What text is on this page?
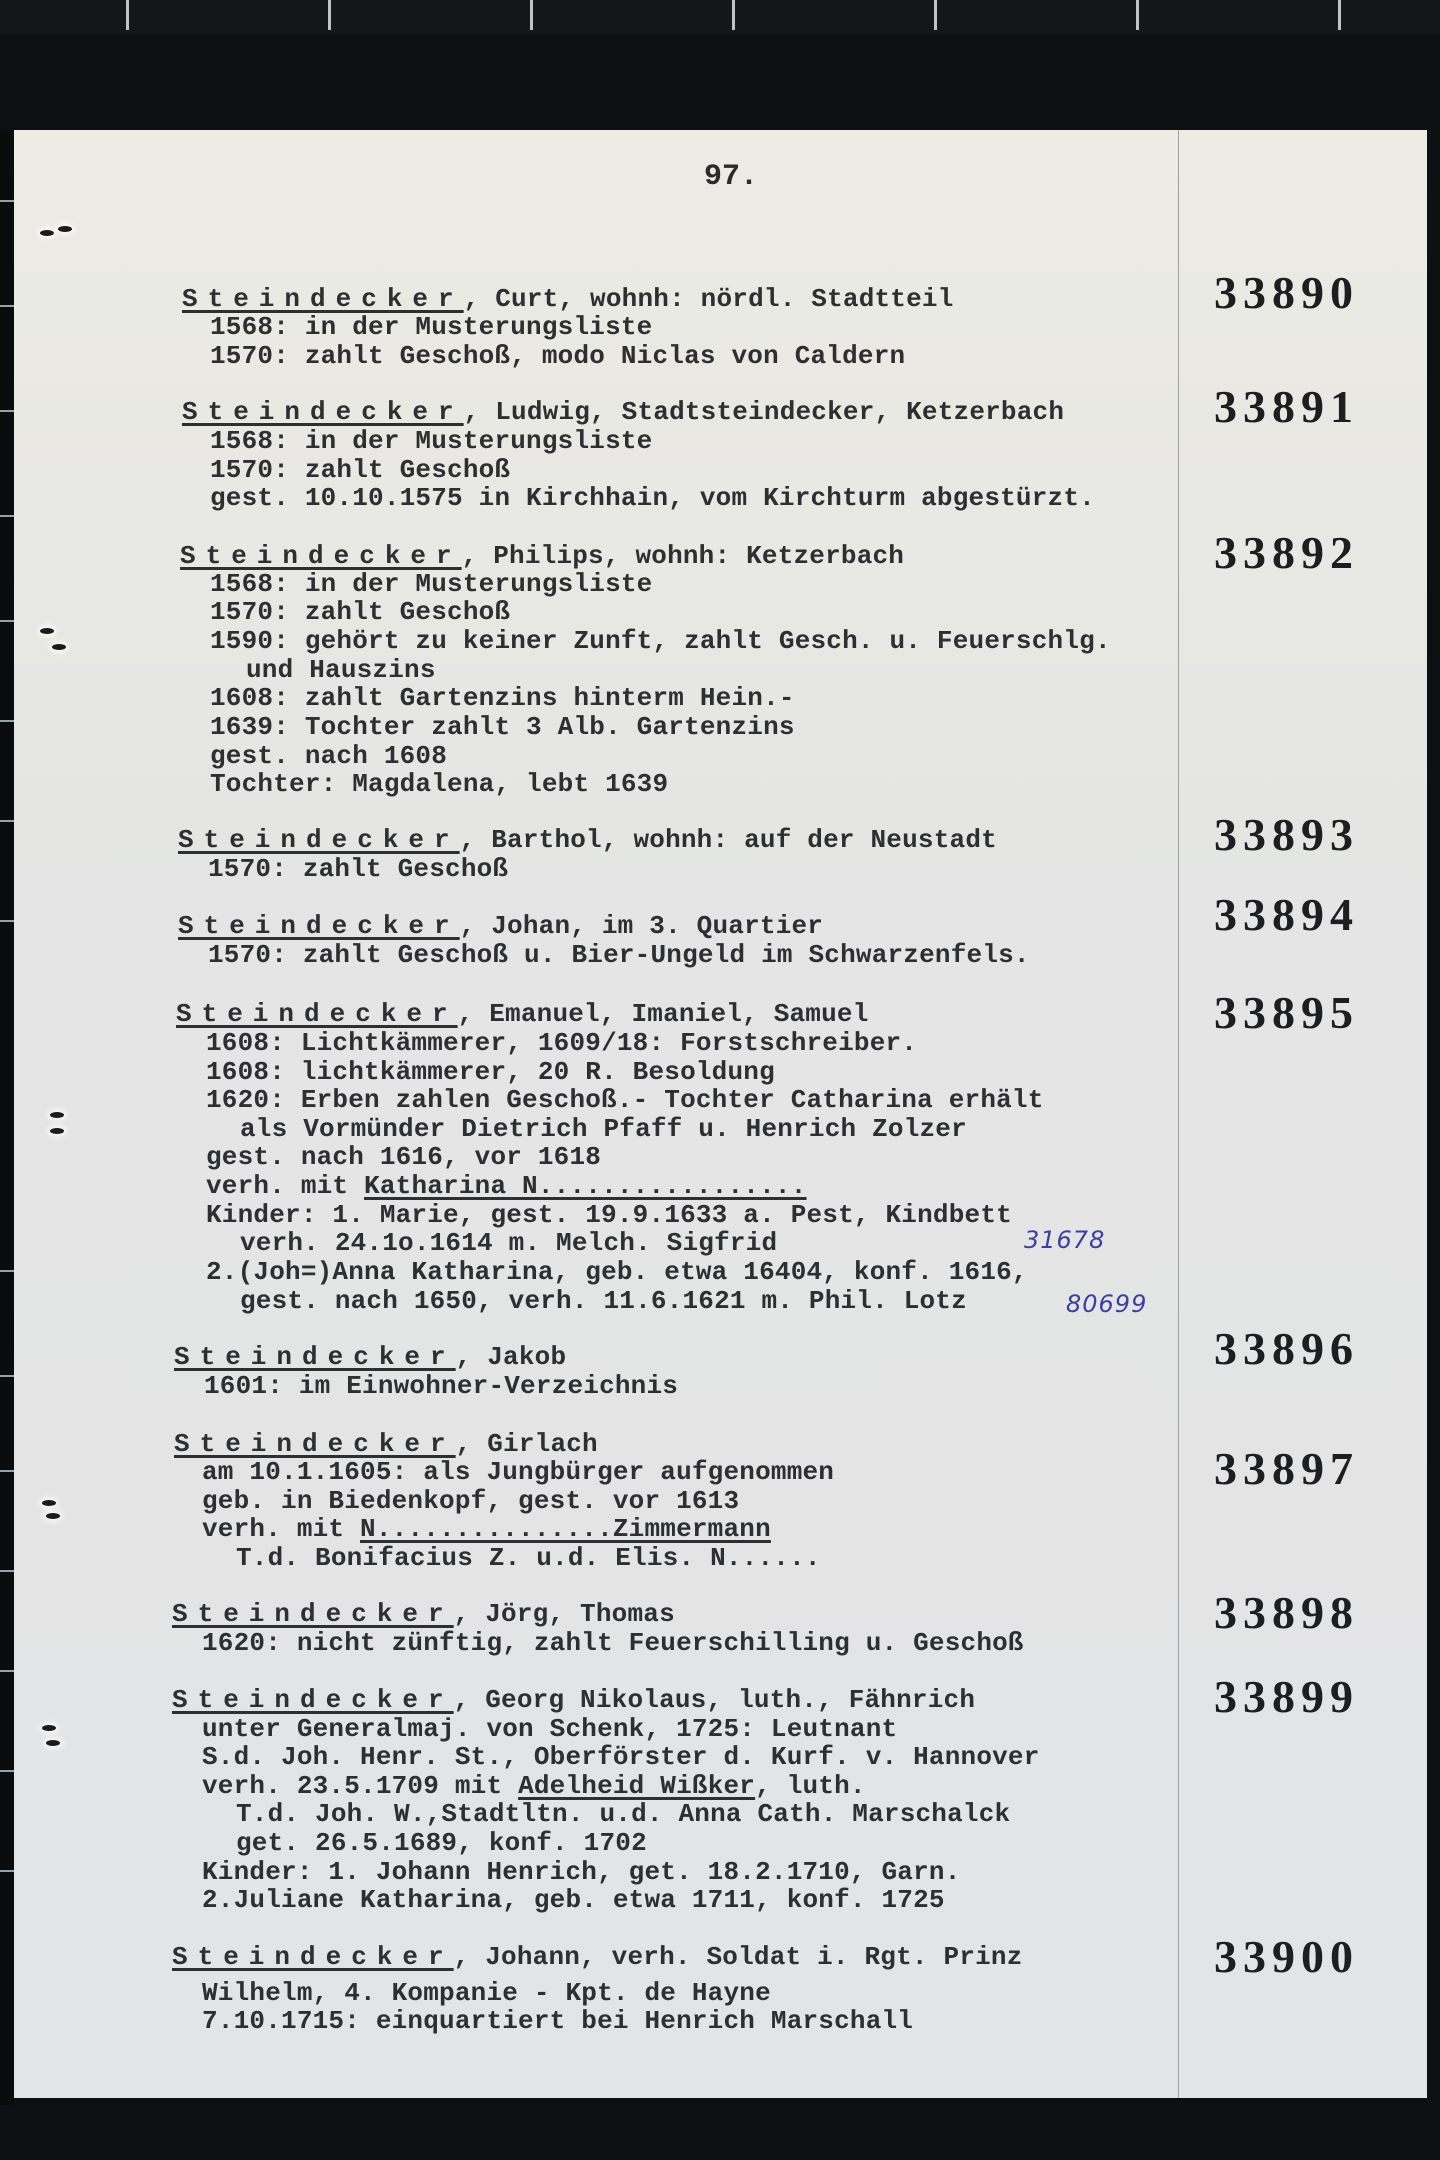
97.
Steindecker, Curt, wohnh: nördl. Stadtteil
1568: in der Musterungsliste
1570: zahlt Geschoß, modo Niclas von Caldern
33890
Steindecker, Ludwig, Stadtsteindecker, Ketzerbach
1568: in der Musterungsliste
1570: zahlt Geschoß
gest. 10.10.1575 in Kirchhain, vom Kirchturm abgestürzt.
33891
Steindecker, Philips, wohnh: Ketzerbach
1568: in der Musterungsliste
1570: zahlt Geschoß
1590: gehört zu keiner Zunft, zahlt Gesch. u. Feuerschlg.
und Hauszins
1608: zahlt Gartenzins hinterm Hein.-
1639: Tochter zahlt 3 Alb. Gartenzins
gest. nach 1608
Tochter: Magdalena, lebt 1639
33892
Steindecker, Barthol, wohnh: auf der Neustadt
1570: zahlt Geschoß
33893
Steindecker, Johan, im 3. Quartier
1570: zahlt Geschoß u. Bier-Ungeld im Schwarzenfels.
33894
Steindecker, Emanuel, Imaniel, Samuel
1608: Lichtkämmerer, 1609/18: Forstschreiber.
1608: lichtkämmerer, 20 R. Besoldung
1620: Erben zahlen Geschoß.- Tochter Catharina erhält
als Vormünder Dietrich Pfaff u. Henrich Zolzer
gest. nach 1616, vor 1618
verh. mit Katharina N.................
Kinder: 1. Marie, gest. 19.9.1633 a. Pest, Kindbett
verh. 24.1o.1614 m. Melch. Sigfrid
2.(Joh=)Anna Katharina, geb. etwa 16404, konf. 1616,
gest. nach 1650, verh. 11.6.1621 m. Phil. Lotz
31678
80699
33895
Steindecker, Jakob
1601: im Einwohner-Verzeichnis
33896
Steindecker, Girlach
am 10.1.1605: als Jungbürger aufgenommen
geb. in Biedenkopf, gest. vor 1613
verh. mit N...............Zimmermann
T.d. Bonifacius Z. u.d. Elis. N......
33897
Steindecker, Jörg, Thomas
1620: nicht zünftig, zahlt Feuerschilling u. Geschoß
33898
Steindecker, Georg Nikolaus, luth., Fähnrich
unter Generalmaj. von Schenk, 1725: Leutnant
S.d. Joh. Henr. St., Oberförster d. Kurf. v. Hannover
verh. 23.5.1709 mit Adelheid Wißker, luth.
T.d. Joh. W.,Stadtltn. u.d. Anna Cath. Marschalck
get. 26.5.1689, konf. 1702
Kinder: 1. Johann Henrich, get. 18.2.1710, Garn.
2.Juliane Katharina, geb. etwa 1711, konf. 1725
33899
Steindecker, Johann, verh. Soldat i. Rgt. Prinz
Wilhelm, 4. Kompanie - Kpt. de Hayne
7.10.1715: einquartiert bei Henrich Marschall
33900
